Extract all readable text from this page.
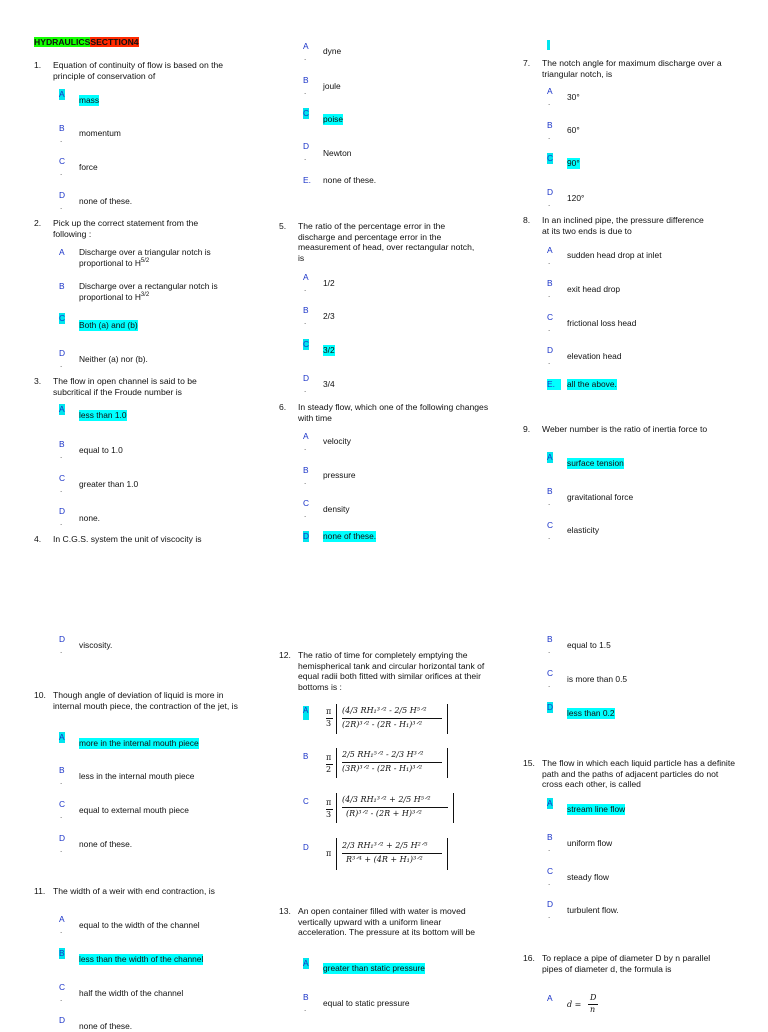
HYDRAULICSSECTTION4
1.	Equation of continuity of flow is based on the principle of conservation of
A
mass
B
.
momentum
C
.
force
D
.
none of these.
2.	Pick up the correct statement from the following :
A	Discharge over a triangular notch is proportional to $H^{5/2}$
B	Discharge over a rectangular notch is proportional to $H^{3/2}$
C
Both (a) and (b)
D
.
Neither (a) nor (b).
3.	The flow in open channel is said to be subcritical if the Froude number is
A
less than 1.0
B
.
equal to 1.0
C
.
greater than 1.0
D
. none.
4.	In C.G.S. system the unit of viscocity is
A
.
dyne
B
.
joule
C
poise
D
. Newton
E.	none of these.
5.	The ratio of the percentage error in the discharge and percentage error in the measurement of head, over rectangular notch, is
A
.
1/2
B
.
2/3
C
3/2
D
.
3/4
6.	In steady flow, which one of the following changes with time
A
.
velocity
B
.
pressure
C
.
density
D none of these.
7.	The notch angle for maximum discharge over a triangular notch, is
A
.
30°
B
.
60°
C 90°
D
.
120°
8.	In an inclined pipe, the pressure difference at its two ends is due to
A
.
sudden head drop at inlet
B
.
exit head drop
C
.
frictional loss head
D
.
elevation head
E.	all the above.
9.	Weber number is the ratio of inertia force to
A
surface tension
B
.
gravitational force
C
.
elasticity
D
.
viscosity.
10. Though angle of deviation of liquid is more in internal mouth piece, the contraction of the jet, is
A
more in the internal mouth piece
B
.
less in the internal mouth piece
C
.
equal to external mouth piece
D
.
none of these.
11. The width of a weir with end contraction, is
A
.
equal to the width of the channel
B
less than the width of the channel
C
.
half the width of the channel
D
none of these.
12. The ratio of time for completely emptying the hemispherical tank and circular horizontal tank of equal radii both fitted with similar orifices at their bottoms is :
A π
3
(4/3 RH₁³ᐟ² - 2/5 H⁵ᐟ²
(2R)³ᐟ² - (2R - H₁)³ᐟ²
B π
2
2/5 RH₁⁵ᐟ² - 2/3 H³ᐟ²
(3R)³ᐟ² - (2R - H₁)³ᐟ²
C π
3
(4/3 RH₁³ᐟ² + 2/5 H⁵ᐟ²
(R)³ᐟ² - (2R + H)³ᐟ²
D
π
2/3 RH₁³ᐟ² + 2/5 H²ᐟ⁵
R³ᐟ⁴ + (4R + H₁)³ᐟ²
13. An open container filled with water is moved vertically upward with a uniform linear acceleration. The pressure at its bottom will be
A greater than static pressure
B
.
equal to static pressure
B
.
equal to 1.5
C
.
is more than 0.5
D
less than 0.2
15. The flow in which each liquid particle has a definite path and the paths of adjacent particles do not cross each other, is called
A
stream line flow
B
.
uniform flow
C
.
steady flow
D
.
turbulent flow.
16. To replace a pipe of diameter D by n parallel pipes of diameter d, the formula is
A
d =
D
n
